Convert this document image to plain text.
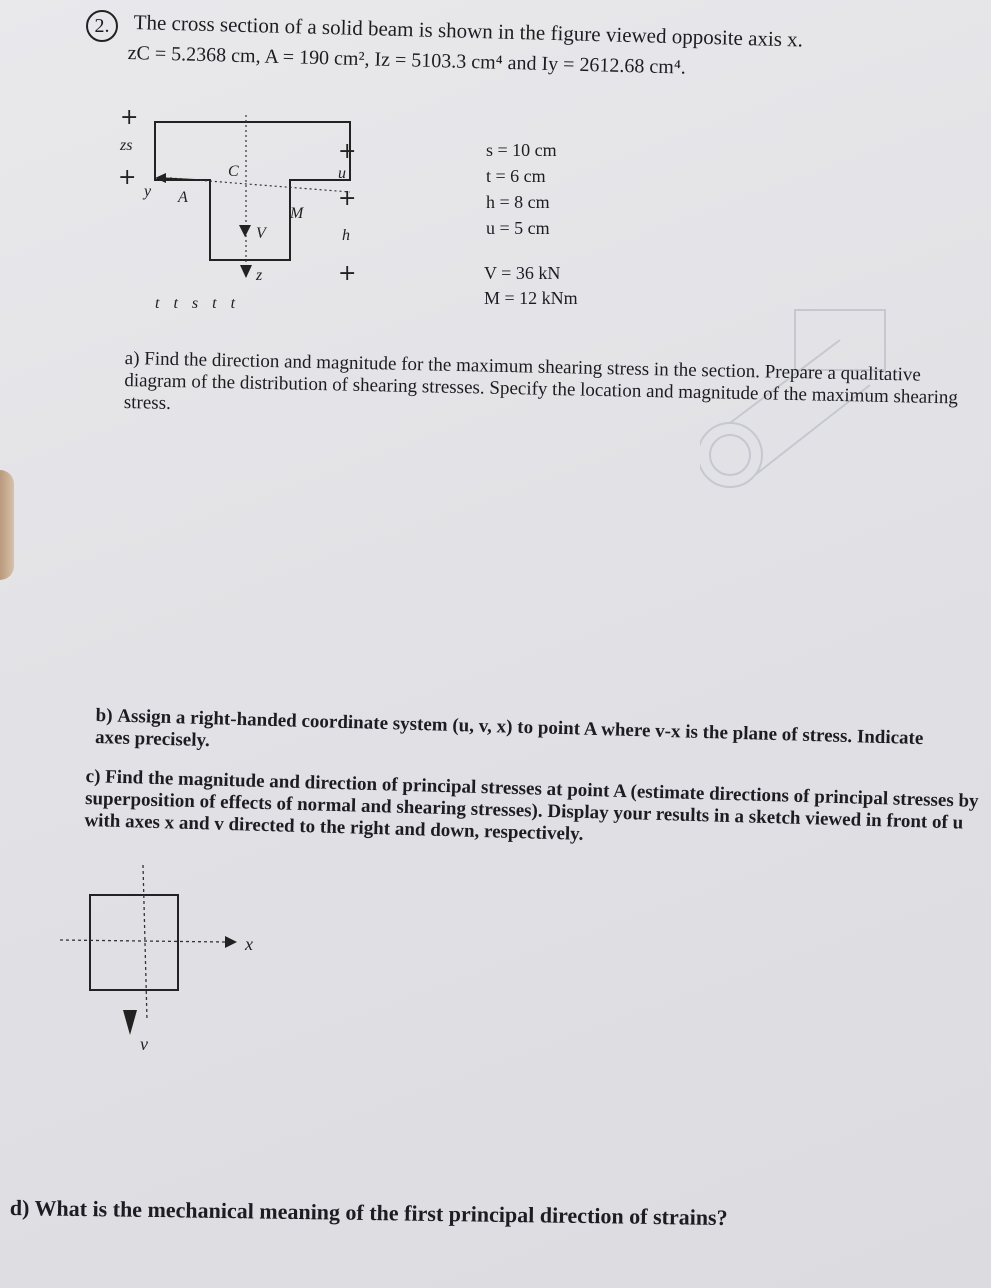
2.	The cross section of a solid beam is shown in the figure viewed opposite axis x.
zC = 5.2368 cm, A = 190 cm², Iz = 5103.3 cm⁴ and Iy = 2612.68 cm⁴.
+
+
+
+
+
zs
y A
C
M
V
u
h
z
t t s t t
s = 10 cm
t = 6 cm
h = 8 cm
u = 5 cm
V = 36 kN
M = 12 kNm
a) Find the direction and magnitude for the maximum shearing stress in the section. Prepare a qualitative diagram of the distribution of shearing stresses. Specify the location and magnitude of the maximum shearing stress.
b) Assign a right-handed coordinate system (u, v, x) to point A where v-x is the plane of stress. Indicate axes precisely.
c) Find the magnitude and direction of principal stresses at point A (estimate directions of principal stresses by superposition of effects of normal and shearing stresses). Display your results in a sketch viewed in front of u with axes x and v directed to the right and down, respectively.
x
v
d) What is the mechanical meaning of the first principal direction of strains?
